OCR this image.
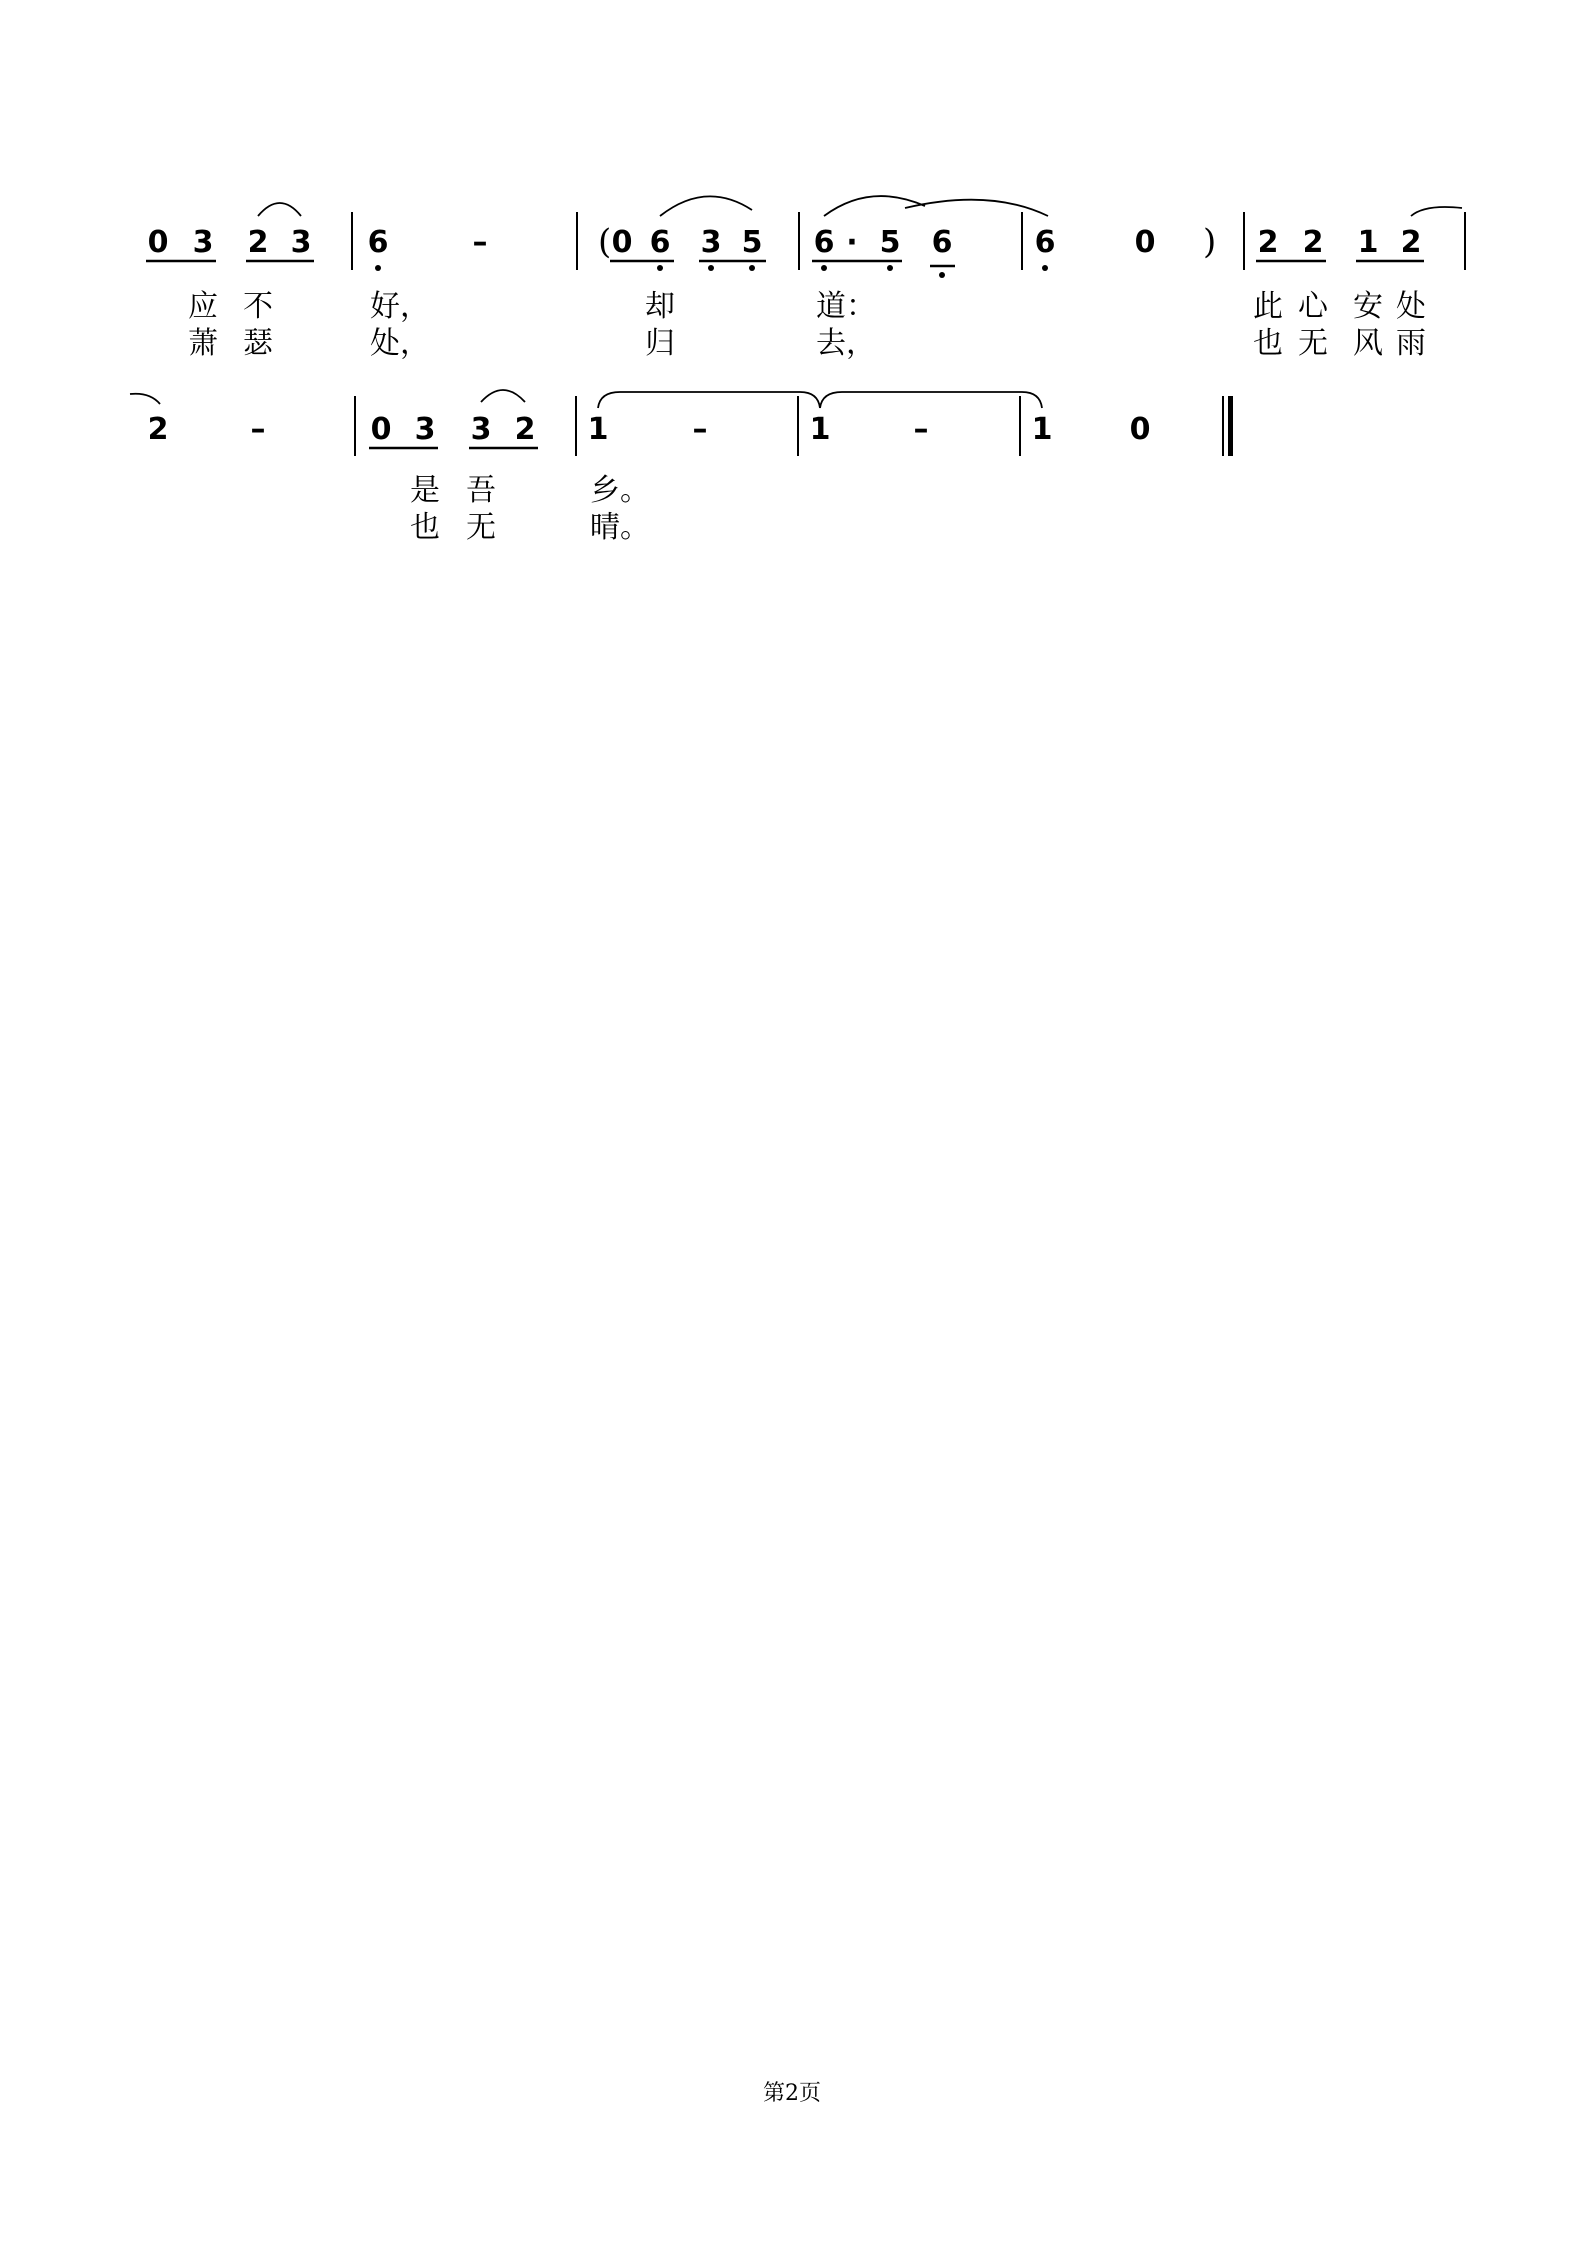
0 3 2 3 6	–	( 0 6 3 5 6 · 5 6	6	0 ) 2 2 1 2
应 不	好，	却	道：	此 心 安 处
萧 瑟	处，	归	去，	也 无 风 雨
2	–	0 3 3 2 1	–	1	–	1	0
是 吾	乡。
也 无	晴。
第2页
